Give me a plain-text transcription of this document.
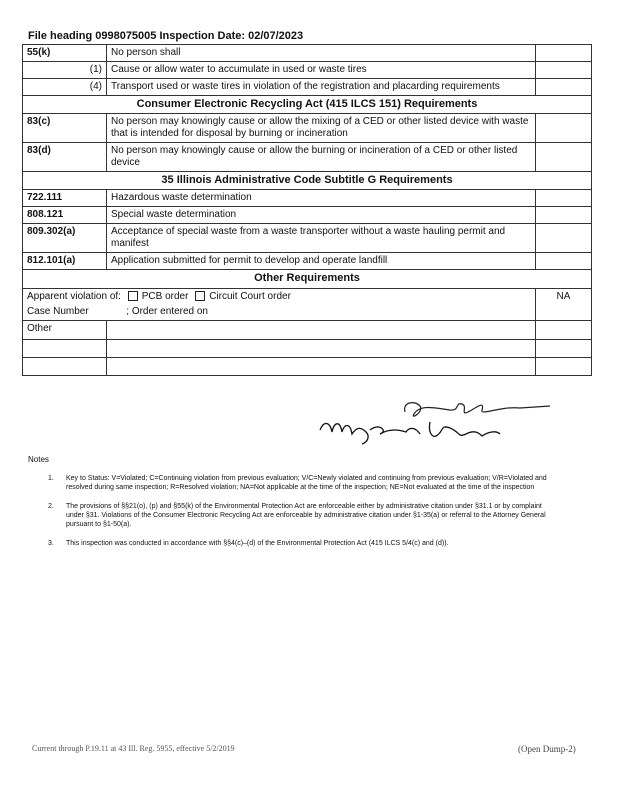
File heading 0998075005 Inspection Date: 02/07/2023
55(k)	No person shall	
(1)	Cause or allow water to accumulate in used or waste tires	
(4)	Transport used or waste tires in violation of the registration and placarding requirements	
Consumer Electronic Recycling Act (415 ILCS 151) Requirements		
83(c)	No person may knowingly cause or allow the mixing of a CED or other listed device with waste that is intended for disposal by burning or incineration	
83(d)	No person may knowingly cause or allow the burning or incineration of a CED or other listed device	
35 Illinois Administrative Code Subtitle G Requirements		
722.111	Hazardous waste determination	
808.121	Special waste determination	
809.302(a)	Acceptance of special waste from a waste transporter without a waste hauling permit and manifest	
812.101(a)	Application submitted for permit to develop and operate landfill	
Other Requirements		
Apparent violation of: PCB order Circuit Court order
Case Number ; Order entered on		NA
Other		

Notes
1.	Key to Status: V=Violated; C=Continuing violation from previous evaluation; V/C=Newly violated and continuing from previous evaluation; V/R=Violated and resolved during same inspection; R=Resolved violation; NA=Not applicable at the time of the inspection; NE=Not evaluated at the time of the inspection
2.	The provisions of §§21(o), (p) and §55(k) of the Environmental Protection Act are enforceable either by administrative citation under §31.1 or by complaint under §31. Violations of the Consumer Electronic Recycling Act are enforceable by administrative citation under §1-35(a) or referral to the Attorney General pursuant to §1-50(a).
3.	This inspection was conducted in accordance with §§4(c)–(d) of the Environmental Protection Act (415 ILCS 5/4(c) and (d)).
Current through P.19.11 at 43 Ill. Reg. 5955, effective 5/2/2019	(Open Dump-2)
